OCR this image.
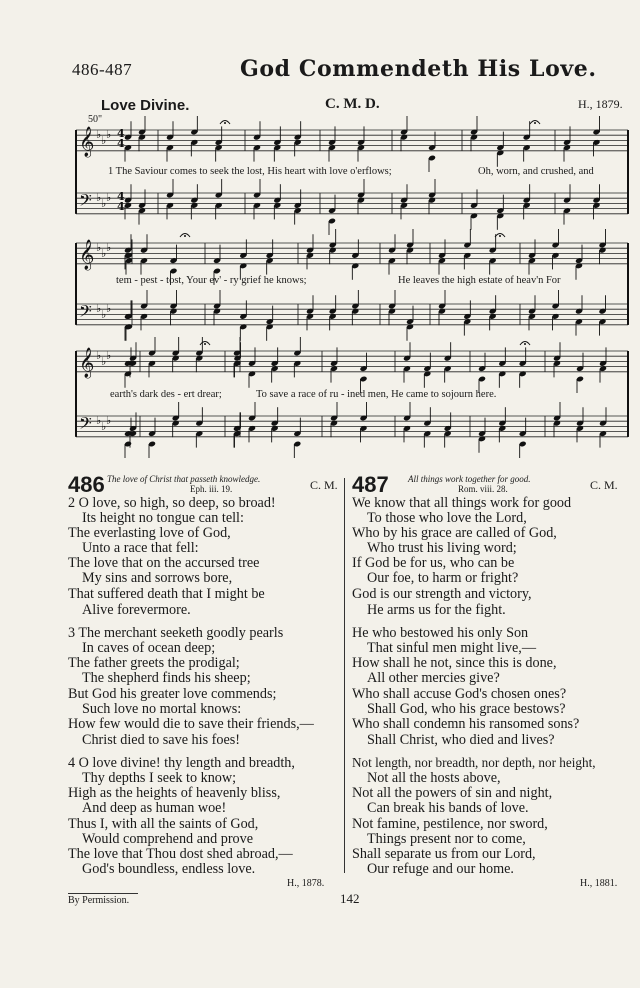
486-487	God Commendeth His Love.
Love Divine.	C. M. D.	H., 1879.
50"
𝄞 ♭ ♭ ♭
𝄢 ♭ ♭ ♭
𝄞 ♭ ♭ ♭
𝄢 ♭ ♭ ♭
𝄞 ♭ ♭ ♭
𝄢 ♭ ♭ ♭
4
4
4
4
1 The Saviour comes to seek the lost, His heart with love o'erflows;	Oh, worn, and crushed, and
tem - pest - tost, Your ev' - ry grief he knows;	He leaves the high estate of heav'n For
earth's dark des - ert drear;	To save a race of ru - ined men, He came to sojourn here.
486 The love of Christ that passeth knowledge.
Eph. iii. 19.	C. M. 487 All things work together for good.
Rom. viii. 28.	C. M.
2 O love, so high, so deep, so broad!
Its height no tongue can tell:
The everlasting love of God,
Unto a race that fell:
The love that on the accursed tree
My sins and sorrows bore,
That suffered death that I might be
Alive forevermore.
3 The merchant seeketh goodly pearls
In caves of ocean deep;
The father greets the prodigal;
The shepherd finds his sheep;
But God his greater love commends;
Such love no mortal knows:
How few would die to save their friends,—
Christ died to save his foes!
4 O love divine! thy length and breadth,
Thy depths I seek to know;
High as the heights of heavenly bliss,
And deep as human woe!
Thus I, with all the saints of God,
Would comprehend and prove
The love that Thou dost shed abroad,—
God's boundless, endless love.
H., 1878.
We know that all things work for good
To those who love the Lord,
Who by his grace are called of God,
Who trust his living word;
If God be for us, who can be
Our foe, to harm or fright?
God is our strength and victory,
He arms us for the fight.
He who bestowed his only Son
That sinful men might live,—
How shall he not, since this is done,
All other mercies give?
Who shall accuse God's chosen ones?
Shall God, who his grace bestows?
Who shall condemn his ransomed sons?
Shall Christ, who died and lives?
Not length, nor breadth, nor depth, nor height,
Not all the hosts above,
Not all the powers of sin and night,
Can break his bands of love.
Not famine, pestilence, nor sword,
Things present nor to come,
Shall separate us from our Lord,
Our refuge and our home.
H., 1881.
By Permission.	142
